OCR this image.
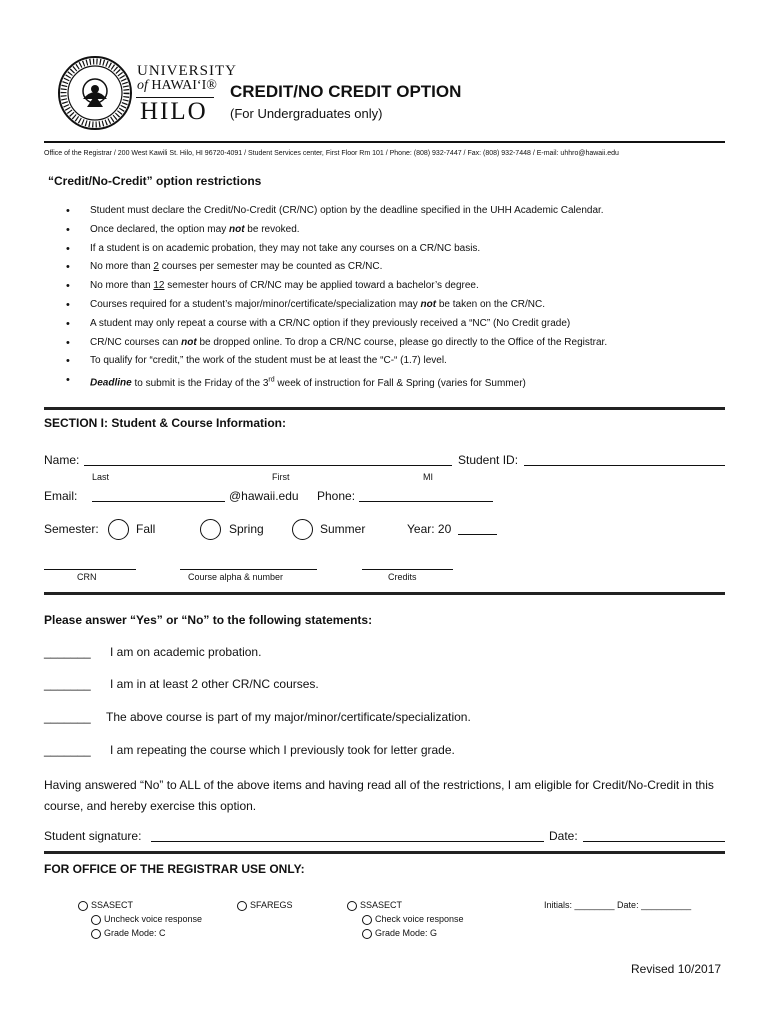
UNIVERSITY
of HAWAI‘I®
HILO
CREDIT/NO CREDIT OPTION
(For Undergraduates only)
Office of the Registrar / 200 West Kawili St. Hilo, HI 96720-4091 / Student Services center, First Floor Rm 101 / Phone: (808) 932-7447 / Fax: (808) 932-7448 / E-mail: uhhro@hawaii.edu
“Credit/No-Credit” option restrictions
• Student must declare the Credit/No-Credit (CR/NC) option by the deadline specified in the UHH Academic Calendar.
• Once declared, the option may not be revoked.
• If a student is on academic probation, they may not take any courses on a CR/NC basis.
• No more than 2 courses per semester may be counted as CR/NC.
• No more than 12 semester hours of CR/NC may be applied toward a bachelor’s degree.
• Courses required for a student’s major/minor/certificate/specialization may not be taken on the CR/NC.
• A student may only repeat a course with a CR/NC option if they previously received a “NC” (No Credit grade)
• CR/NC courses can not be dropped online. To drop a CR/NC course, please go directly to the Office of the Registrar.
• To qualify for “credit,” the work of the student must be at least the “C-“ (1.7) level.
• Deadline to submit is the Friday of the 3rd week of instruction for Fall & Spring (varies for Summer)
SECTION I: Student & Course Information:
Name:	Student ID:
Last	First	MI
Email:	@hawaii.edu Phone:
Semester:	Fall	Spring	Summer	Year: 20
CRN	Course alpha & number	Credits
Please answer “Yes” or “No” to the following statements:
_______ I am on academic probation.
_______ I am in at least 2 other CR/NC courses.
_______ The above course is part of my major/minor/certificate/specialization.
_______ I am repeating the course which I previously took for letter grade.
Having answered “No” to ALL of the above items and having read all of the restrictions, I am eligible for Credit/No-Credit in this course, and hereby exercise this option.
Student signature:	Date:
FOR OFFICE OF THE REGISTRAR USE ONLY:
SSASECT
Uncheck voice response
Grade Mode: C
SFAREGS	SSASECT
Check voice response
Grade Mode: G
Initials: ________ Date: __________
Revised 10/2017
